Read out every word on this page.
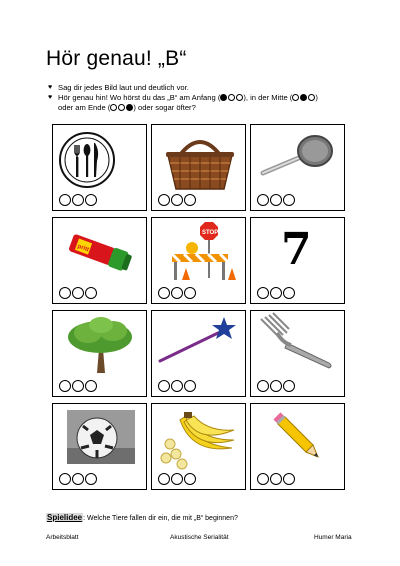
Hör genau! „B“
♥ Sag dir jedes Bild laut und deutlich vor.
♥ Hör genau hin! Wo hörst du das „B“ am Anfang (	), in der Mitte (	)
oder am Ende (	) oder sogar öfter?
pritt
STOP 7
Spielidee: Welche Tiere fallen dir ein, die mit „B“ beginnen?
Arbeitsblatt	Akustische Serialität	Humer Maria
